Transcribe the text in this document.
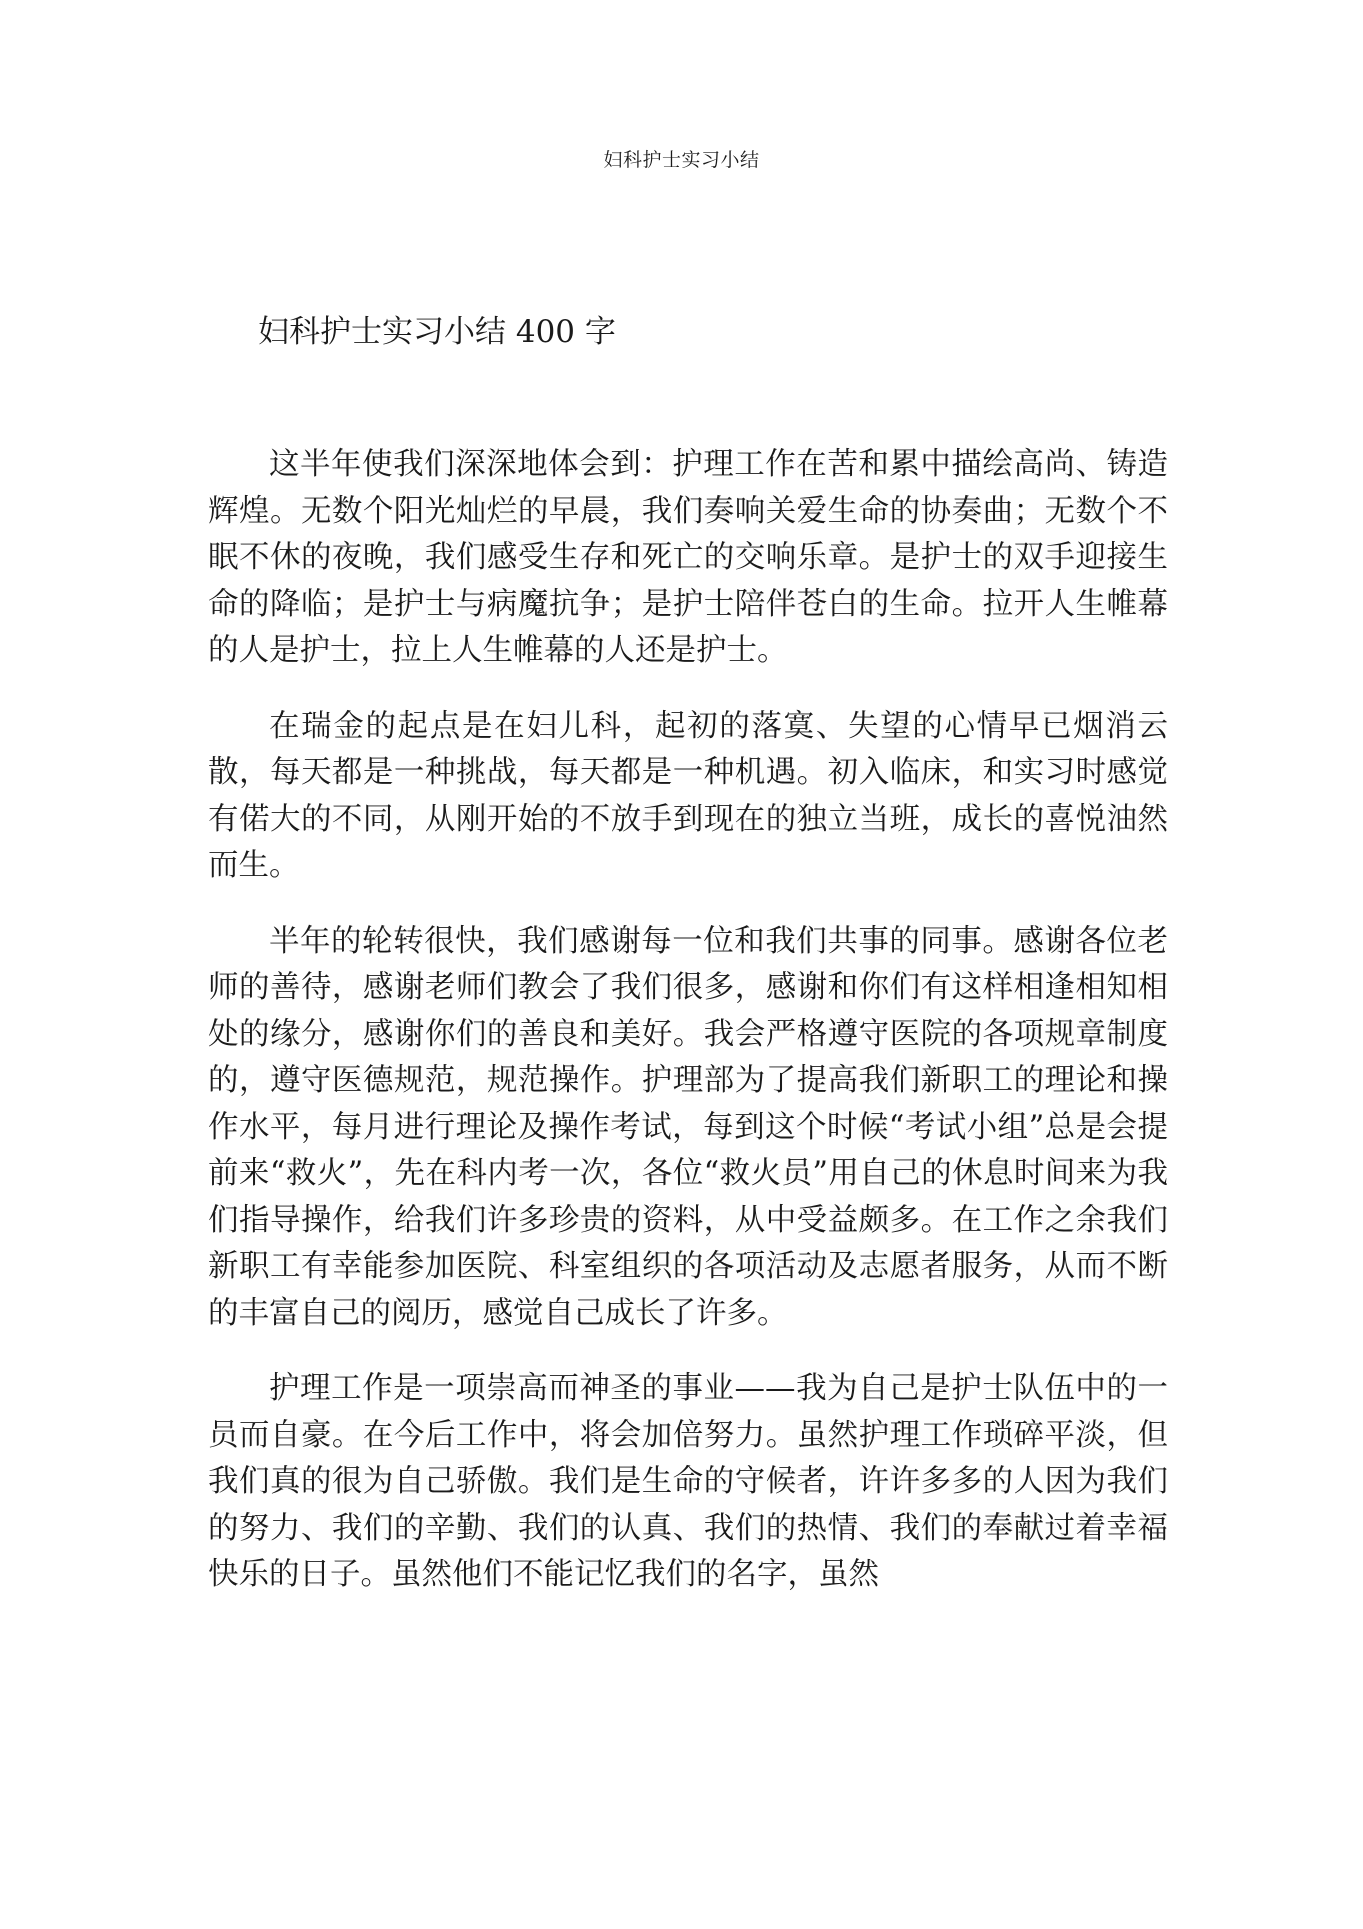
妇科护士实习小结
妇科护士实习小结 400 字

这半年使我们深深地体会到：护理工作在苦和累中描绘高尚、铸造辉煌。无数个阳光灿烂的早晨，我们奏响关爱生命的协奏曲；无数个不眠不休的夜晚，我们感受生存和死亡的交响乐章。是护士的双手迎接生命的降临；是护士与病魔抗争；是护士陪伴苍白的生命。拉开人生帷幕的人是护士，拉上人生帷幕的人还是护士。

在瑞金的起点是在妇儿科，起初的落寞、失望的心情早已烟消云散，每天都是一种挑战，每天都是一种机遇。初入临床，和实习时感觉有偌大的不同，从刚开始的不放手到现在的独立当班，成长的喜悦油然而生。

半年的轮转很快，我们感谢每一位和我们共事的同事。感谢各位老师的善待，感谢老师们教会了我们很多，感谢和你们有这样相逢相知相处的缘分，感谢你们的善良和美好。我会严格遵守医院的各项规章制度的，遵守医德规范，规范操作。护理部为了提高我们新职工的理论和操作水平，每月进行理论及操作考试，每到这个时候“考试小组”总是会提前来“救火”，先在科内考一次，各位“救火员”用自己的休息时间来为我们指导操作，给我们许多珍贵的资料，从中受益颇多。在工作之余我们新职工有幸能参加医院、科室组织的各项活动及志愿者服务，从而不断的丰富自己的阅历，感觉自己成长了许多。

护理工作是一项崇高而神圣的事业——我为自己是护士队伍中的一员而自豪。在今后工作中，将会加倍努力。虽然护理工作琐碎平淡，但我们真的很为自己骄傲。我们是生命的守候者，许许多多的人因为我们的努力、我们的辛勤、我们的认真、我们的热情、我们的奉献过着幸福快乐的日子。虽然他们不能记忆我们的名字，虽然
